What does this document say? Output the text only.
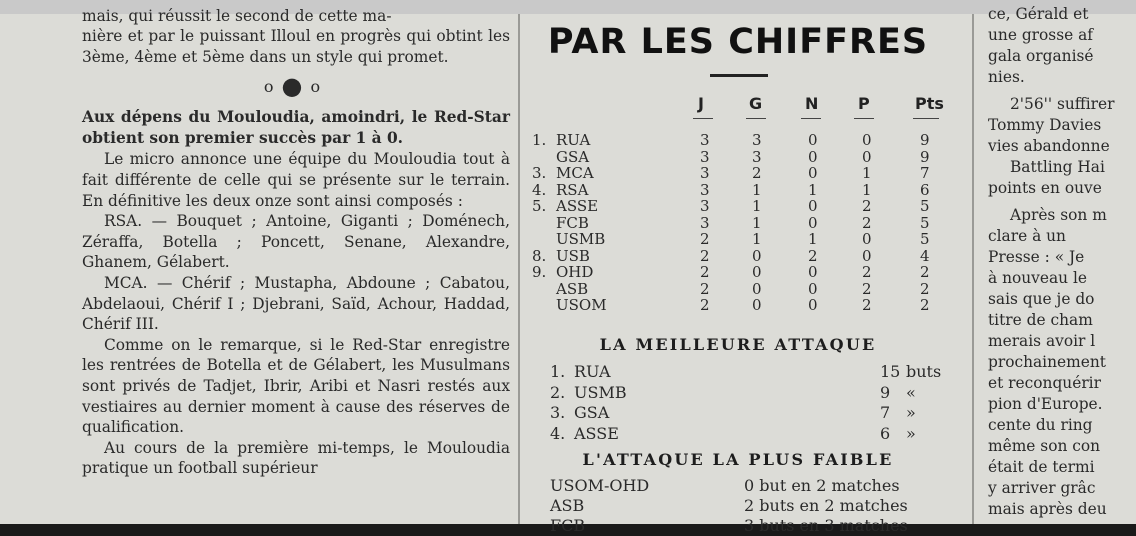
mais, qui réussit le second de cette ma-

nière et par le puissant Illoul en progrès qui obtint les 3ème, 4ème et 5ème dans un style qui promet.

o●o

Aux dépens du Mouloudia, amoindri, le Red-Star obtient son premier succès par 1 à 0.

Le micro annonce une équipe du Mouloudia tout à fait différente de celle qui se présente sur le terrain. En définitive les deux onze sont ainsi composés :

RSA. — Bouquet ; Antoine, Giganti ; Doménech, Zéraffa, Botella ; Poncett, Senane, Alexandre, Ghanem, Gélabert.

MCA. — Chérif ; Mustapha, Abdoune ; Cabatou, Abdelaoui, Chérif I ; Djebrani, Saïd, Achour, Haddad, Chérif III.

Comme on le remarque, si le Red-Star enregistre les rentrées de Botella et de Gélabert, les Musulmans sont privés de Tadjet, Ibrir, Aribi et Nasri restés aux vestiaires au dernier moment à cause des réserves de qualification.

Au cours de la première mi-temps, le Mouloudia pratique un football supérieur

PAR LES CHIFFRES
J	G	N P	Pts
1. RUA	3	3	0	0	9
GSA	3	3	0	0	9
3. MCA	3	2	0	1	7
4. RSA	3	1	1	1	6
5. ASSE	3	1	0	2	5
FCB	3	1	0	2	5
USMB	2	1	1	0	5
8. USB	2	0	2	0	4
9. OHD	2	0	0	2	2
ASB	2	0	0	2	2
USOM	2	0	0	2	2
LA MEILLEURE ATTAQUE
1. RUA	15 buts
2. USMB	9 «
3. GSA	7 »
4. ASSE	6 »
L'ATTAQUE LA PLUS FAIBLE
USOM-OHD	0 but en 2 matches
ASB	2 buts en 2 matches
FCB	3 buts en 3 matches

ce, Gérald et

une grosse af

gala organisé

nies.

2'56'' suffirer

Tommy Davies

vies abandonne

Battling Hai

points en ouve

Après son m

clare à un

Presse : « Je

à nouveau le

sais que je do

titre de cham

merais avoir l

prochainement

et reconquérir

pion d'Europe.

cente du ring

même son con

était de termi

y arriver grâc

mais après deu
